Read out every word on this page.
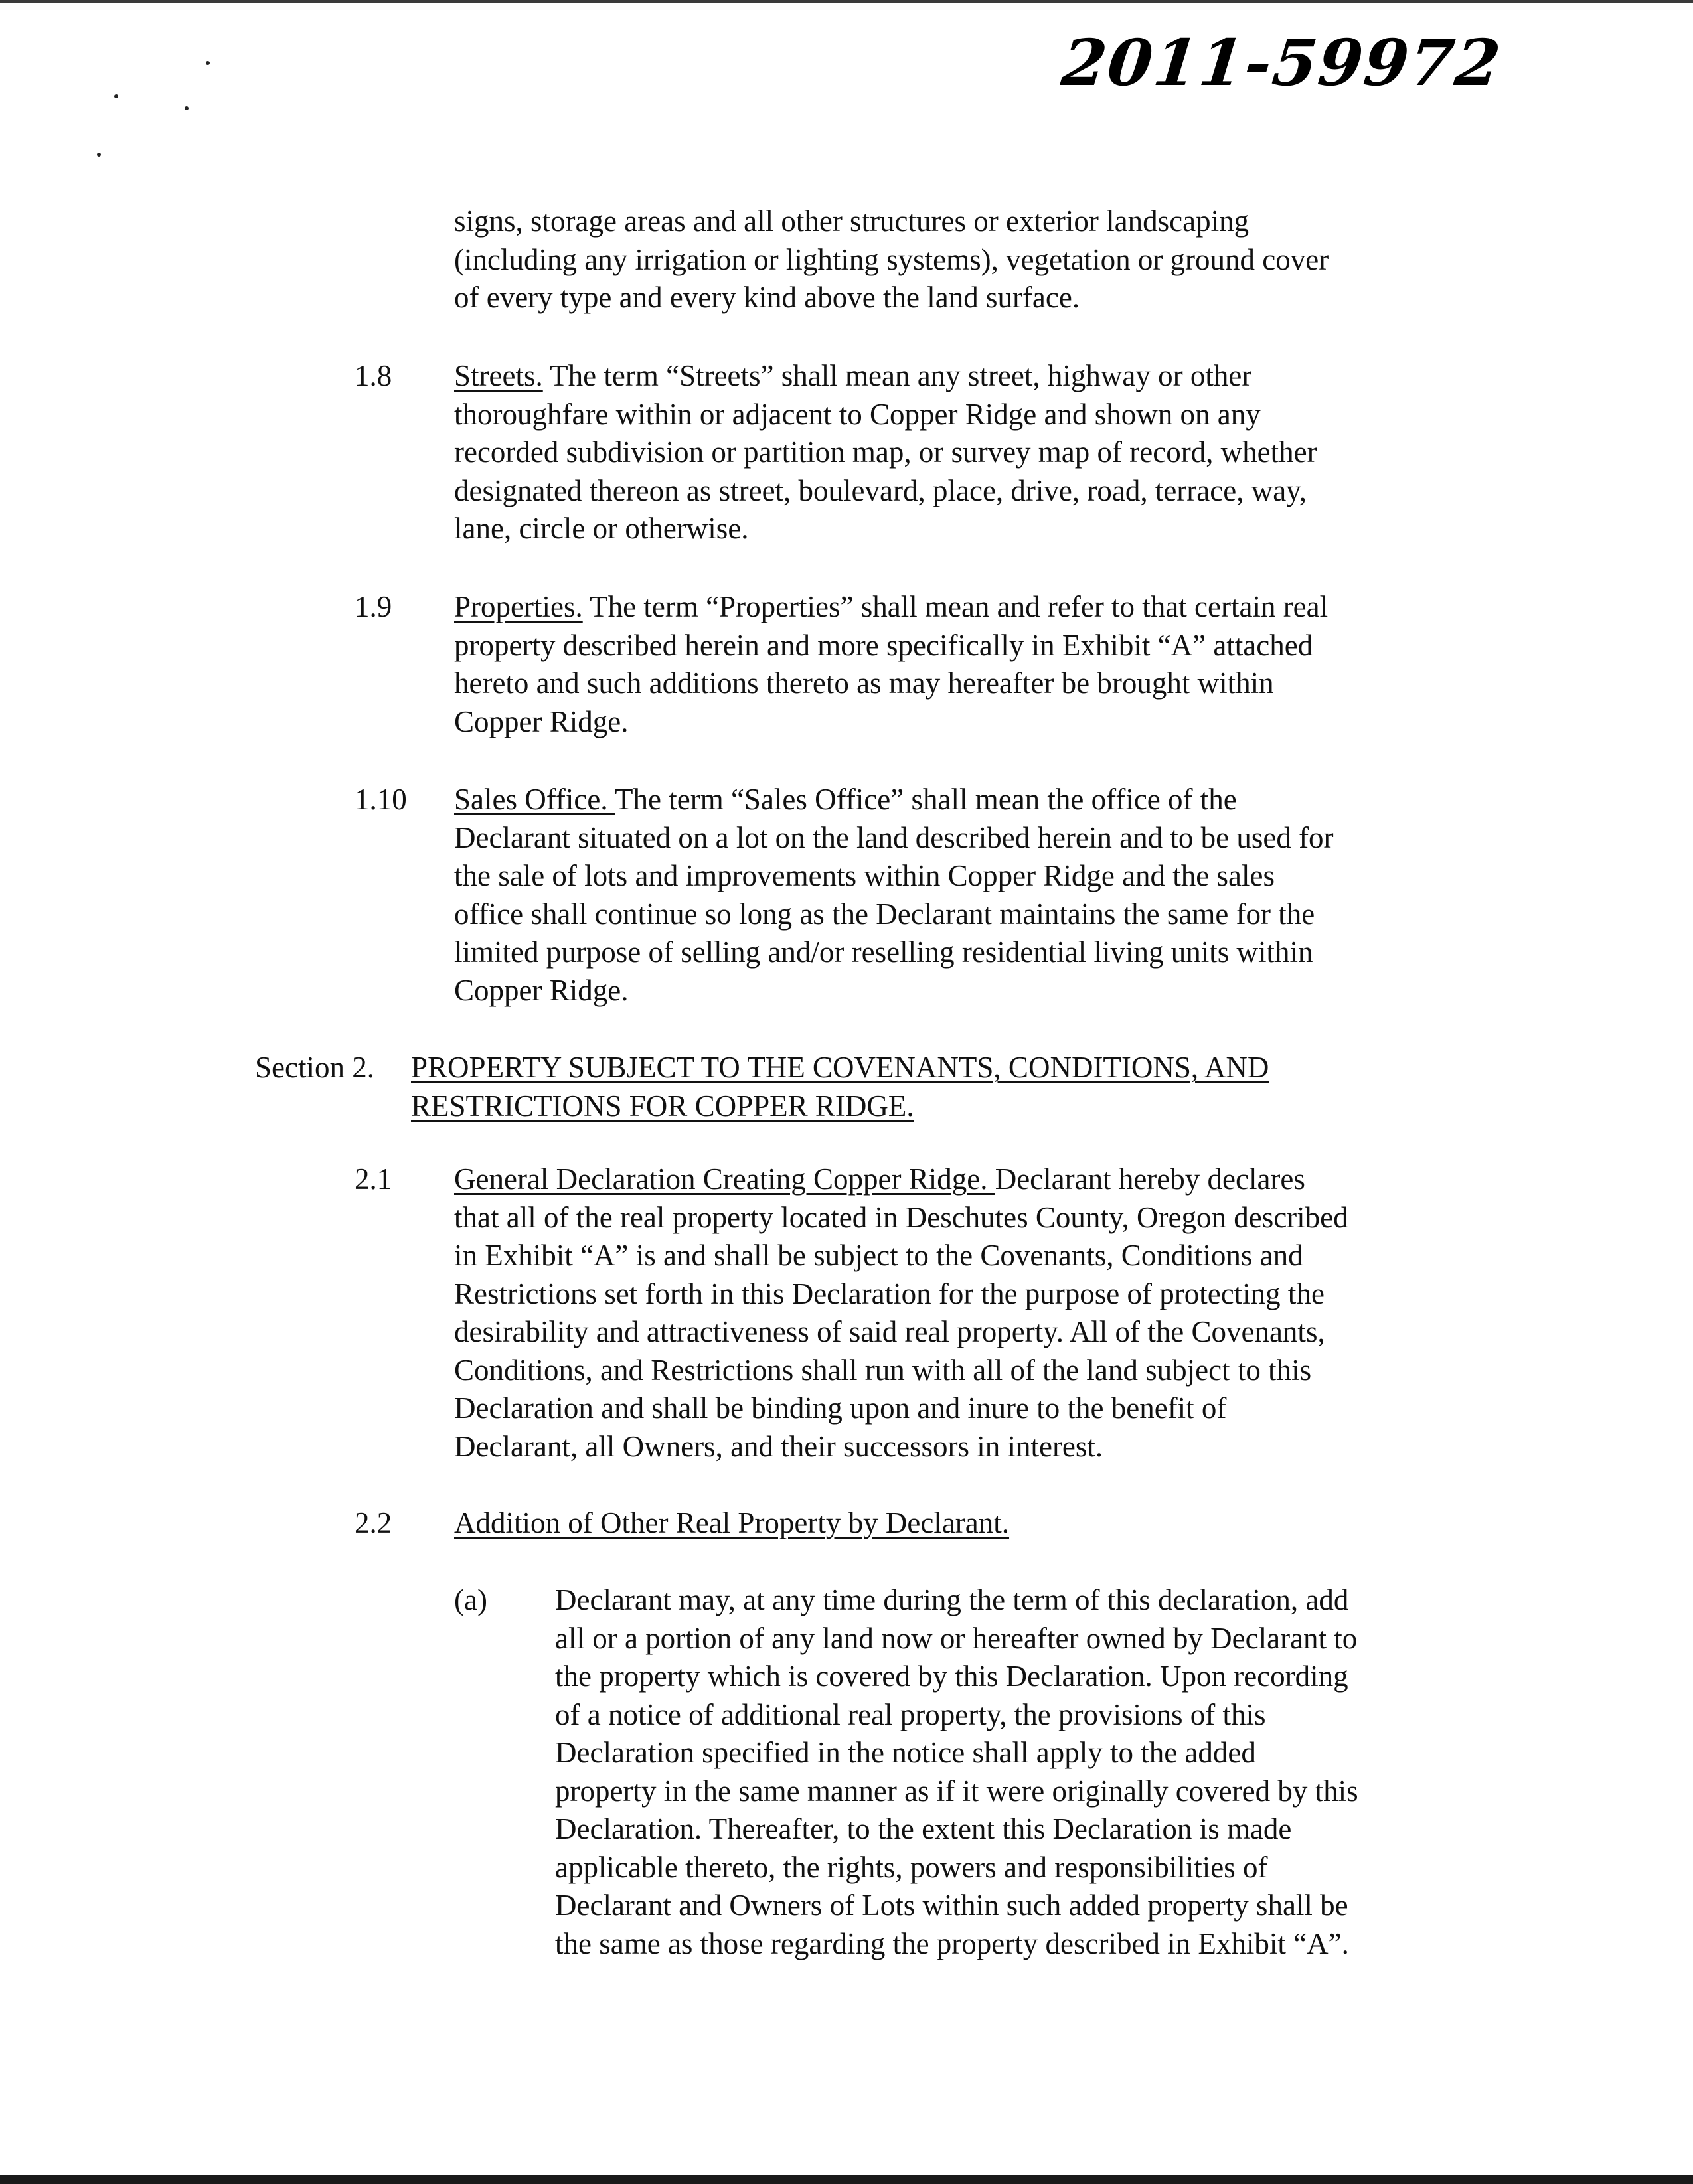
2011-59972
signs, storage areas and all other structures or exterior landscaping
(including any irrigation or lighting systems), vegetation or ground cover
of every type and every kind above the land surface.
1.8 Streets. The term “Streets” shall mean any street, highway or other
thoroughfare within or adjacent to Copper Ridge and shown on any
recorded subdivision or partition map, or survey map of record, whether
designated thereon as street, boulevard, place, drive, road, terrace, way,
lane, circle or otherwise.
1.9 Properties. The term “Properties” shall mean and refer to that certain real
property described herein and more specifically in Exhibit “A” attached
hereto and such additions thereto as may hereafter be brought within
Copper Ridge.
1.10 Sales Office. The term “Sales Office” shall mean the office of the
Declarant situated on a lot on the land described herein and to be used for
the sale of lots and improvements within Copper Ridge and the sales
office shall continue so long as the Declarant maintains the same for the
limited purpose of selling and/or reselling residential living units within
Copper Ridge.
Section 2. PROPERTY SUBJECT TO THE COVENANTS, CONDITIONS, AND
RESTRICTIONS FOR COPPER RIDGE.
2.1 General Declaration Creating Copper Ridge. Declarant hereby declares
that all of the real property located in Deschutes County, Oregon described
in Exhibit “A” is and shall be subject to the Covenants, Conditions and
Restrictions set forth in this Declaration for the purpose of protecting the
desirability and attractiveness of said real property. All of the Covenants,
Conditions, and Restrictions shall run with all of the land subject to this
Declaration and shall be binding upon and inure to the benefit of
Declarant, all Owners, and their successors in interest.
2.2 Addition of Other Real Property by Declarant.
(a) Declarant may, at any time during the term of this declaration, add
all or a portion of any land now or hereafter owned by Declarant to
the property which is covered by this Declaration. Upon recording
of a notice of additional real property, the provisions of this
Declaration specified in the notice shall apply to the added
property in the same manner as if it were originally covered by this
Declaration. Thereafter, to the extent this Declaration is made
applicable thereto, the rights, powers and responsibilities of
Declarant and Owners of Lots within such added property shall be
the same as those regarding the property described in Exhibit “A”.
